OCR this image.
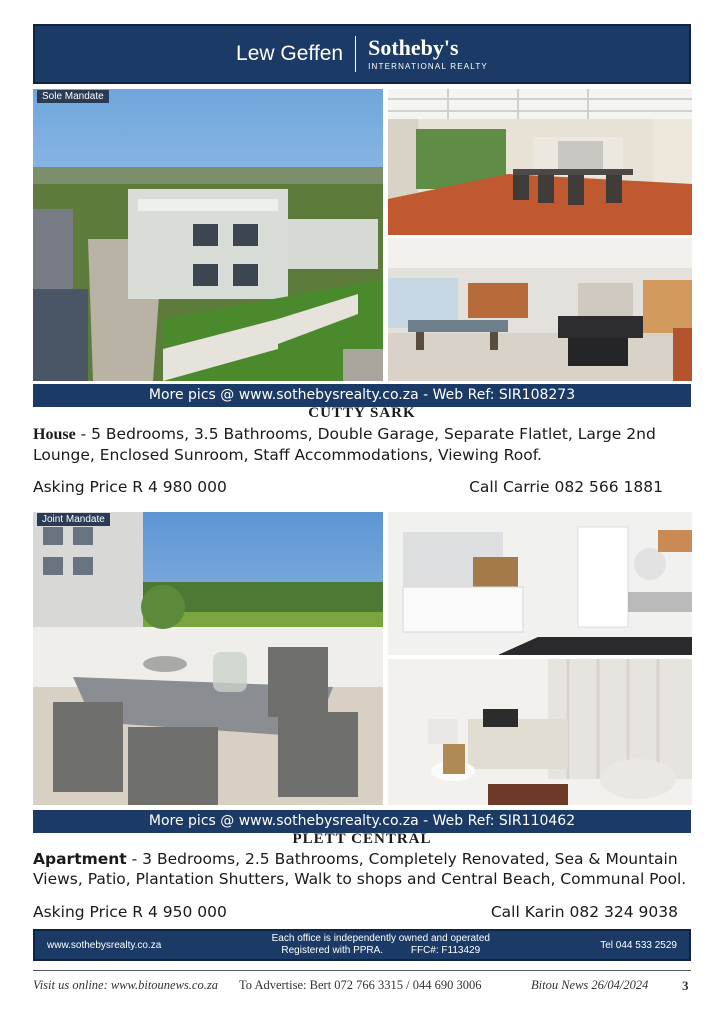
Lew Geffen Sotheby's
INTERNATIONAL REALTY
Sole Mandate
More pics @ www.sothebysrealty.co.za - Web Ref: SIR108273
CUTTY SARK
House - 5 Bedrooms, 3.5 Bathrooms, Double Garage, Separate Flatlet, Large 2nd Lounge, Enclosed Sunroom, Staff Accommodations, Viewing Roof.
Asking Price R 4 980 000	Call Carrie 082 566 1881
Joint Mandate
More pics @ www.sothebysrealty.co.za - Web Ref: SIR110462
PLETT CENTRAL
Apartment - 3 Bedrooms, 2.5 Bathrooms, Completely Renovated, Sea & Mountain Views, Patio, Plantation Shutters, Walk to shops and Central Beach, Communal Pool.
Asking Price R 4 950 000	Call Karin 082 324 9038
www.sothebysrealty.co.za
Each office is independently owned and operated
Registered with PPRA.          FFC#: F113429	Tel 044 533 2529
Visit us online: www.bitounews.co.za To Advertise: Bert 072 766 3315 / 044 690 3006	Bitou News 26/04/2024	3
